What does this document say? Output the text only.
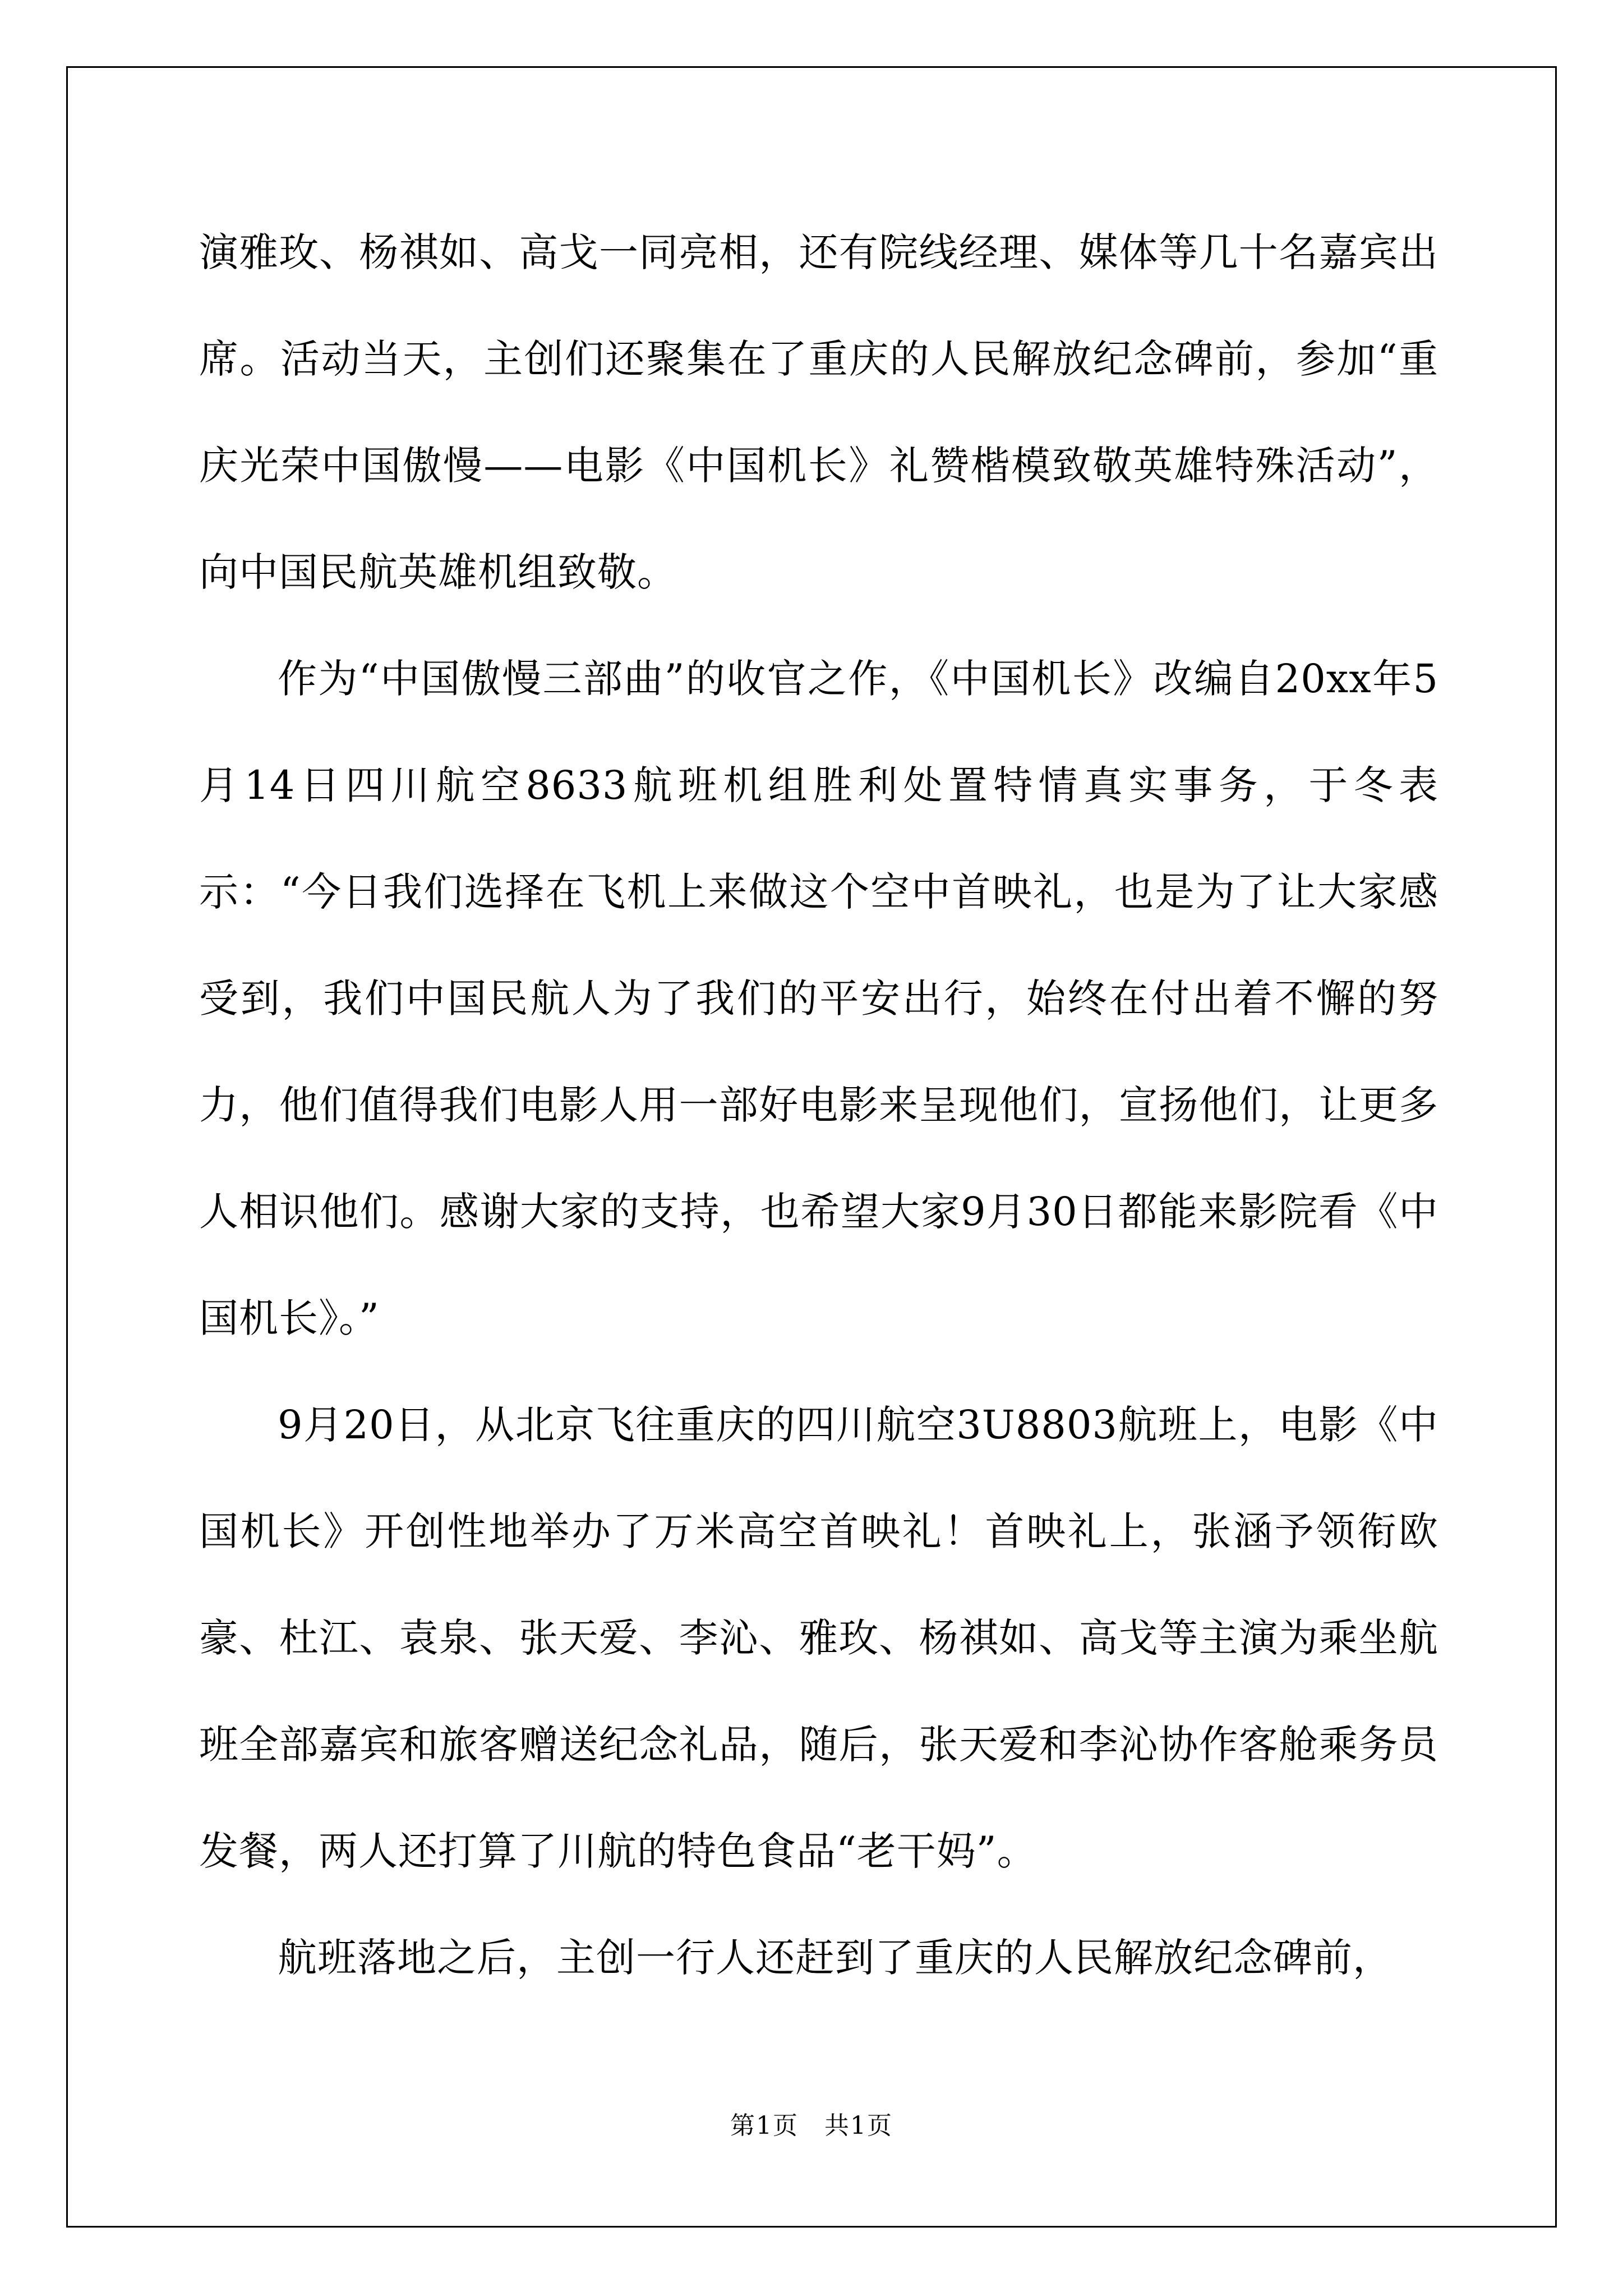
演雅玫、杨祺如、高戈一同亮相，还有院线经理、媒体等几十名嘉宾出席。活动当天，主创们还聚集在了重庆的人民解放纪念碑前，参加“重庆光荣中国傲慢——电影《中国机长》礼赞楷模致敬英雄特殊活动”，向中国民航英雄机组致敬。

作为“中国傲慢三部曲”的收官之作，《中国机长》改编自20xx年5月14日四川航空8633航班机组胜利处置特情真实事务，于冬表示：“今日我们选择在飞机上来做这个空中首映礼，也是为了让大家感受到，我们中国民航人为了我们的平安出行，始终在付出着不懈的努力，他们值得我们电影人用一部好电影来呈现他们，宣扬他们，让更多人相识他们。感谢大家的支持，也希望大家9月30日都能来影院看《中国机长》。”

9月20日，从北京飞往重庆的四川航空3U8803航班上，电影《中国机长》开创性地举办了万米高空首映礼！首映礼上，张涵予领衔欧豪、杜江、袁泉、张天爱、李沁、雅玫、杨祺如、高戈等主演为乘坐航班全部嘉宾和旅客赠送纪念礼品，随后，张天爱和李沁协作客舱乘务员发餐，两人还打算了川航的特色食品“老干妈”。

航班落地之后，主创一行人还赶到了重庆的人民解放纪念碑前，

第1页　共1页
